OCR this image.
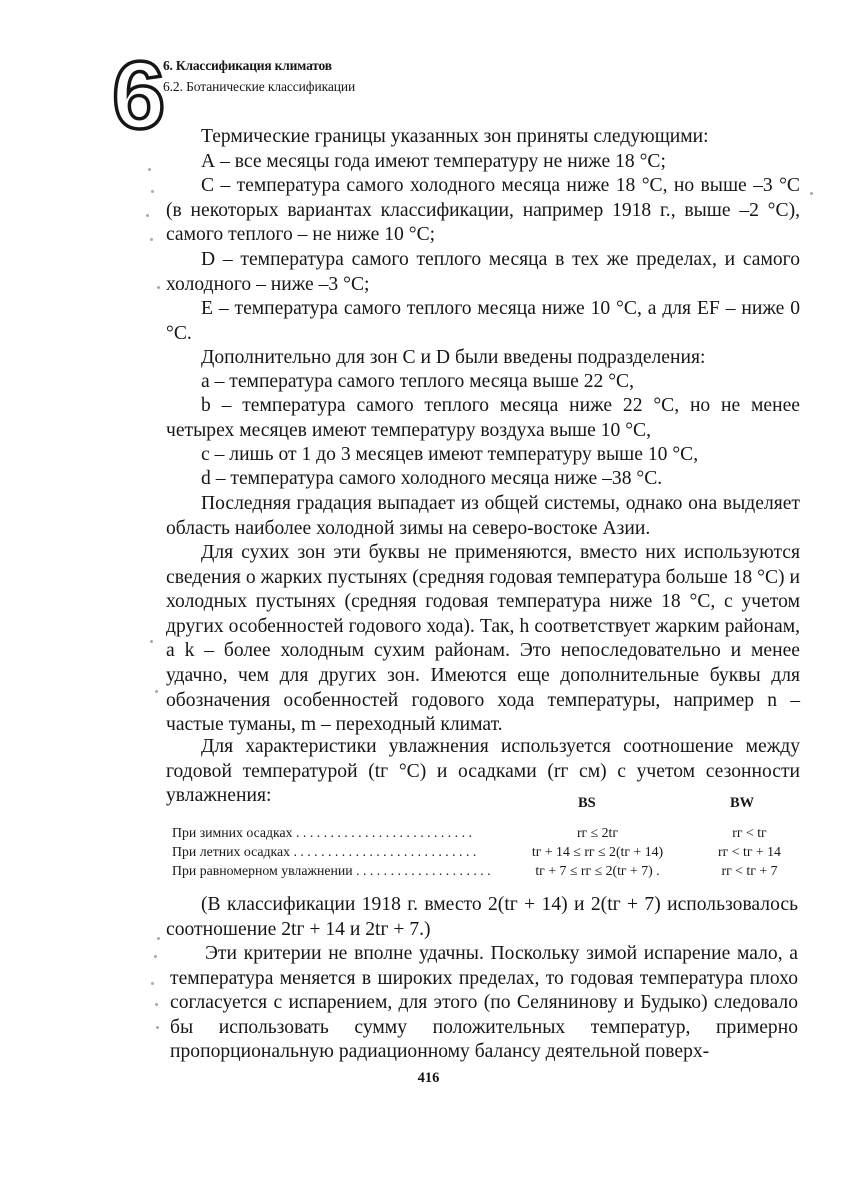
6
6. Классификация климатов
6.2. Ботанические классификации

Термические границы указанных зон приняты следующими:

А – все месяцы года имеют температуру не ниже 18 °С;

С – температура самого холодного месяца ниже 18 °С, но выше –3 °С (в некоторых вариантах классификации, например 1918 г., выше –2 °С), самого теплого – не ниже 10 °С;

D – температура самого теплого месяца в тех же пределах, и самого холодного – ниже –3 °С;

Е – температура самого теплого месяца ниже 10 °С, а для EF – ниже 0 °С.

Дополнительно для зон С и D были введены подразделения:

а – температура самого теплого месяца выше 22 °С,

b – температура самого теплого месяца ниже 22 °С, но не менее четырех месяцев имеют температуру воздуха выше 10 °С,

с – лишь от 1 до 3 месяцев имеют температуру выше 10 °С,

d – температура самого холодного месяца ниже –38 °С.

Последняя градация выпадает из общей системы, однако она выделяет область наиболее холодной зимы на северо-востоке Азии.

Для сухих зон эти буквы не применяются, вместо них используются сведения о жарких пустынях (средняя годовая температура больше 18 °С) и холодных пустынях (средняя годовая температура ниже 18 °С, с учетом других особенностей годового хода). Так, h соответствует жарким районам, а k – более холодным сухим районам. Это непоследовательно и менее удачно, чем для других зон. Имеются еще дополнительные буквы для обозначения особенностей годового хода температуры, например n – частые туманы, m – переходный климат.

Для характеристики увлажнения используется соотношение между годовой температурой (tг °С) и осадками (rг см) с учетом сезонности увлажнения:	BS	BW
При зимних осадках . . . . . . . . . . . . . . . . . . . . . . . . . .	rг ≤ 2tг	rг < tг
При летних осадках . . . . . . . . . . . . . . . . . . . . . . . . . . .	tг + 14 ≤ rг ≤ 2(tг + 14)	rг < tг + 14
При равномерном увлажнении . . . . . . . . . . . . . . . . . . . .	tг + 7 ≤ rг ≤ 2(tг + 7) .	rг < tг + 7

(В классификации 1918 г. вместо 2(tг + 14) и 2(tг + 7) использовалось соотношение 2tг + 14 и 2tг + 7.)

Эти критерии не вполне удачны. Поскольку зимой испарение мало, а температура меняется в широких пределах, то годовая температура плохо согласуется с испарением, для этого (по Селянинову и Будыко) следовало бы использовать сумму положительных температур, примерно пропорциональную радиационному балансу деятельной поверх-

416
